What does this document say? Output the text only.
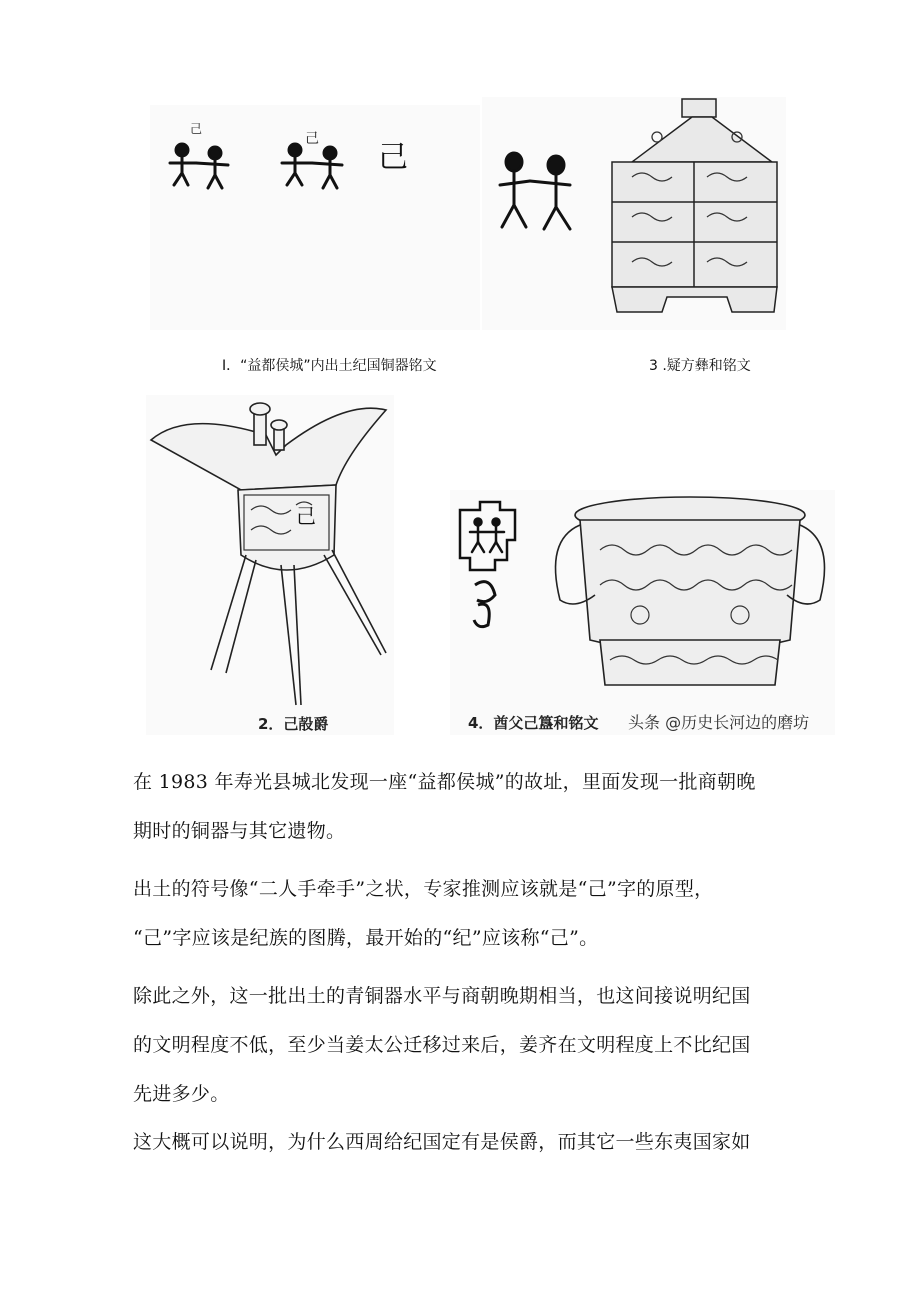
己
己
己
I．“益都侯城”内出土纪国铜器铭文	3 .疑方彝和铭文
己
2．己㱿爵	4．酋父己簋和铭文 头条 @历史长河边的磨坊

在 1983 年寿光县城北发现一座“益都侯城”的故址，里面发现一批商朝晚
期时的铜器与其它遗物。

出土的符号像“二人手牵手”之状，专家推测应该就是“己”字的原型，
“己”字应该是纪族的图腾，最开始的“纪”应该称“己”。

除此之外，这一批出土的青铜器水平与商朝晚期相当，也这间接说明纪国
的文明程度不低，至少当姜太公迁移过来后，姜齐在文明程度上不比纪国
先进多少。

这大概可以说明，为什么西周给纪国定有是侯爵，而其它一些东夷国家如
